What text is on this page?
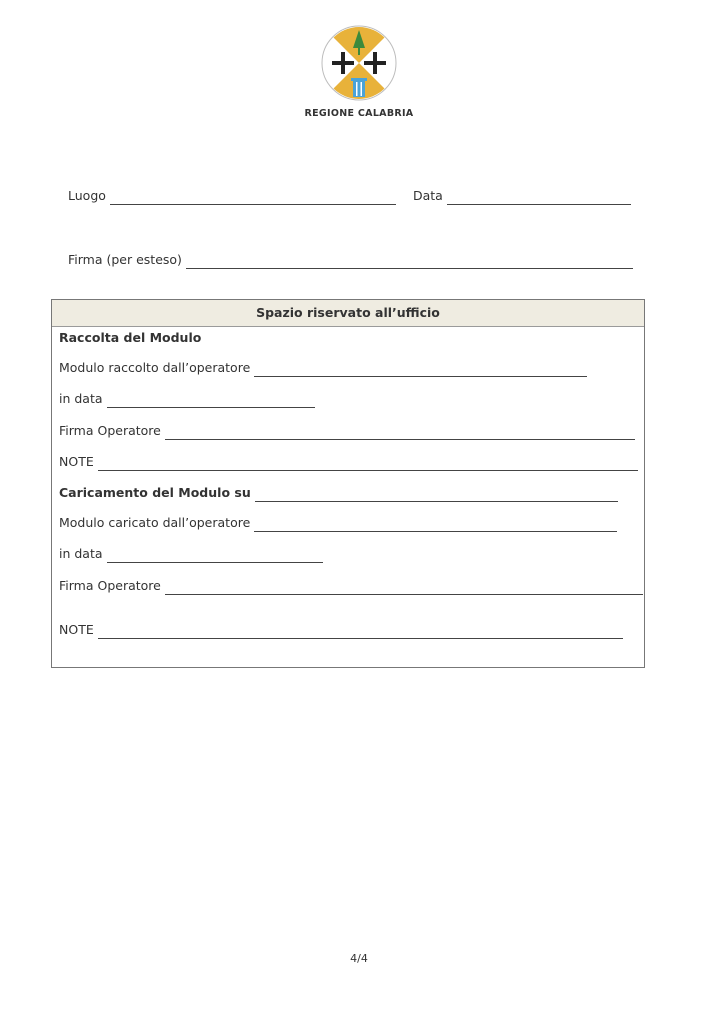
REGIONE CALABRIA
Luogo	Data
Firma (per esteso)
Spazio riservato all’ufficio
Raccolta del Modulo
Modulo raccolto dall’operatore
in data
Firma Operatore
NOTE
Caricamento del Modulo su
Modulo caricato dall’operatore
in data
Firma Operatore
NOTE
4/4
